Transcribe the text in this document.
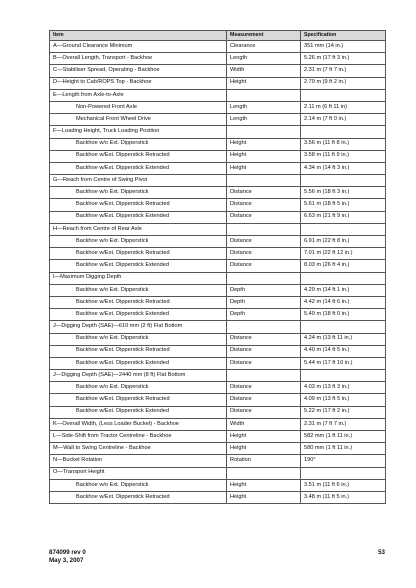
Item	Measurement	Specification
A—Ground Clearance Minimum	Clearance	351 mm (14 in.)
B—Overall Length, Transport - Backhoe	Length	5.26 m (17 ft 3 in.)
C—Stabiliser Spread, Operating - Backhoe	Width	2.31 m (7 ft 7 in.)
D—Height to Cab/ROPS Top - Backhoe	Height	2.79 m (9 ft 2 in.)
E—Length from Axle-to-Axle		
Non-Powered Front Axle	Length	2.11 m (6 ft 11 in)
Mechanical Front Wheel Drive	Length	2.14 m (7 ft 0 in.)
F—Loading Height, Truck Loading Position		
Backhoe w/o Ext. Dipperstick	Height	3.56 m (11 ft 8 in.)
Backhoe w/Ext. Dipperstick Retracted	Height	3.58 m (11 ft 9 in.)
Backhoe w/Ext. Dipperstick Extended	Height	4.34 m (14 ft 3 in.)
G—Reach from Centre of Swing Pivot		
Backhoe w/o Ext. Dipperstick	Distance	5.56 m (18 ft 3 in.)
Backhoe w/Ext. Dipperstick Retracted	Distance	5.61 m (18 ft 5 in.)
Backhoe w/Ext. Dipperstick Extended	Distance	6.63 m (21 ft 9 in.)
H—Reach from Centre of Rear Axle		
Backhoe w/o Ext. Dipperstick	Distance	6.91 m (22 ft 8 in.)
Backhoe w/Ext. Dipperstick Retracted	Distance	7.01 m (22 ft 12 in.)
Backhoe w/Ext. Dipperstick Extended	Distance	8.03 m (26 ft 4 in.)
I—Maximum Digging Depth		
Backhoe w/o Ext. Dipperstick	Depth	4.29 m (14 ft 1 in.)
Backhoe w/Ext. Dipperstick Retracted	Depth	4.42 m (14 ft 6 in.)
Backhoe w/Ext. Dipperstick Extended	Depth	5.49 m (18 ft 0 in.)
J—Digging Depth (SAE)—610 mm (2 ft) Flat Bottom		
Backhoe w/o Ext. Dipperstick	Distance	4.24 m (13 ft 11 in.)
Backhoe w/Ext. Dipperstick Retracted	Distance	4.40 m (14 ft 5 in.)
Backhoe w/Ext. Dipperstick Extended	Distance	5.44 m (17 ft 10 in.)
J—Digging Depth (SAE)—2440 mm (8 ft) Flat Bottom		
Backhoe w/o Ext. Dipperstick	Distance	4.03 m (13 ft 3 in.)
Backhoe w/Ext. Dipperstick Retracted	Distance	4.09 m (13 ft 5 in.)
Backhoe w/Ext. Dipperstick Extended	Distance	5.22 m (17 ft 2 in.)
K—Overall Width, (Less Loader Bucket) - Backhoe	Width	2.31 m (7 ft 7 in.)
L—Side-Shift from Tractor Centreline - Backhoe	Height	582 mm (1 ft 11 in.)
M—Wall to Swing Centreline - Backhoe	Height	580 mm (1 ft 11 in.)
N—Bucket Rotation	Rotation	190°
O—Transport Height		
Backhoe w/o Ext. Dipperstick	Height	3.51 m (11 ft 6 in.)
Backhoe w/Ext. Dipperstick Retracted	Height	3.48 m (11 ft 5 in.)
874099 rev 0
May 3, 2007
53
